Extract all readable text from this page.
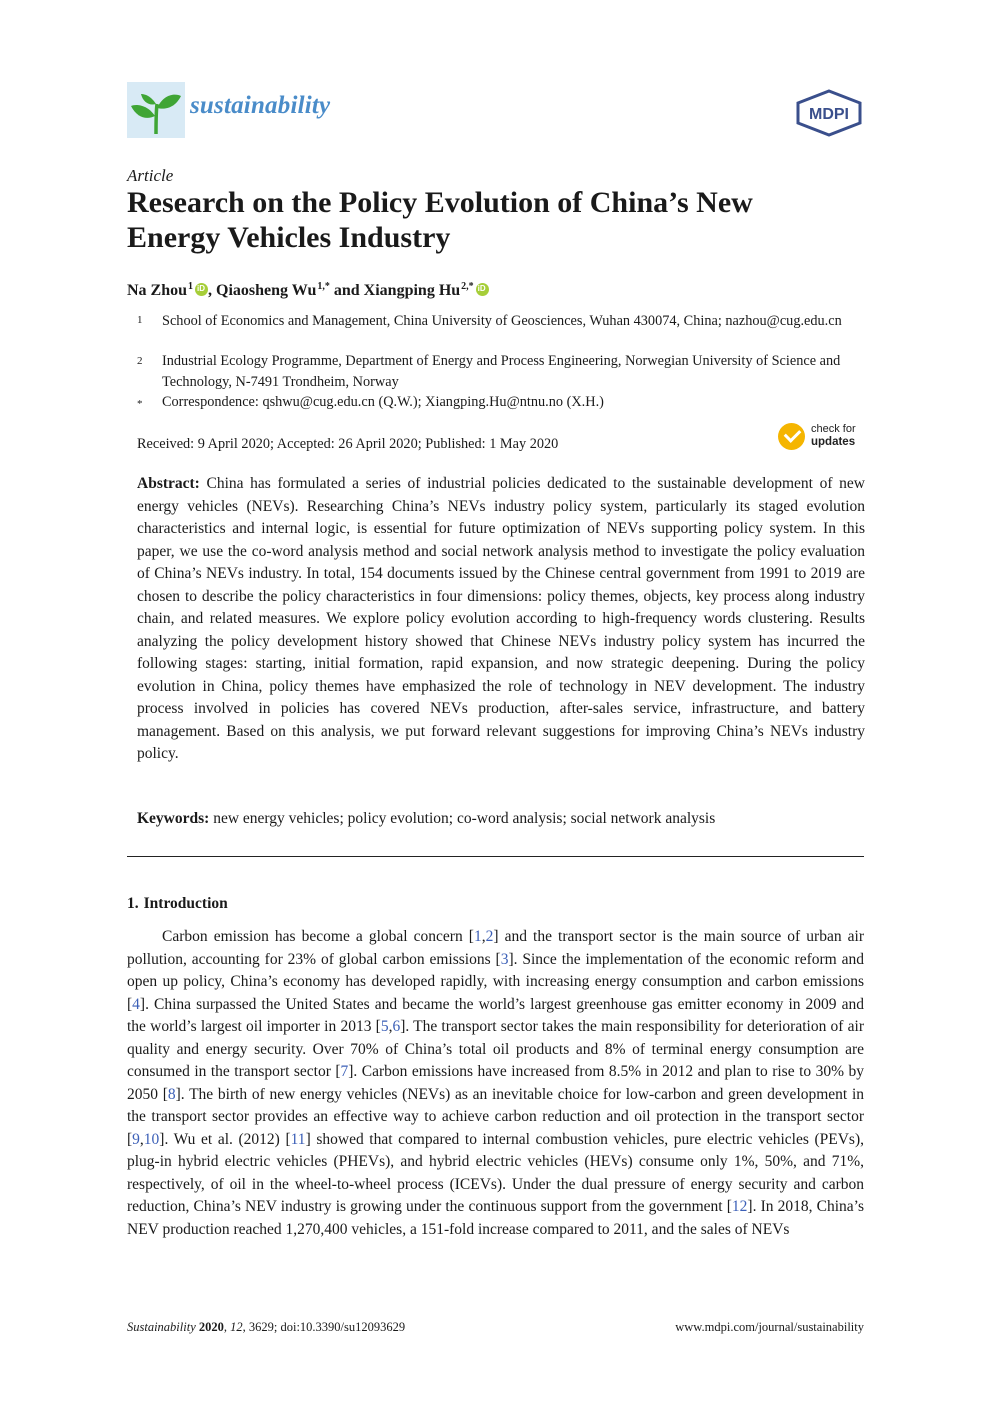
sustainability	MDPI
Article
Research on the Policy Evolution of China’s New Energy Vehicles Industry
Na Zhou$^1$iD , Qiaosheng $Wu^{1,*}$ and Xiangping $Hu^{2,*}iD$
1 School of Economics and Management, China University of Geosciences, Wuhan 430074, China; nazhou@cug.edu.cn
2 Industrial Ecology Programme, Department of Energy and Process Engineering, Norwegian University of Science and Technology, N-7491 Trondheim, Norway
* Correspondence: qshwu@cug.edu.cn (Q.W.); Xiangping.Hu@ntnu.no (X.H.)
Received: 9 April 2020; Accepted: 26 April 2020; Published: 1 May 2020
check for
updates
Abstract: China has formulated a series of industrial policies dedicated to the sustainable development of new energy vehicles (NEVs). Researching China’s NEVs industry policy system, particularly its staged evolution characteristics and internal logic, is essential for future optimization of NEVs supporting policy system. In this paper, we use the co-word analysis method and social network analysis method to investigate the policy evaluation of China’s NEVs industry. In total, 154 documents issued by the Chinese central government from 1991 to 2019 are chosen to describe the policy characteristics in four dimensions: policy themes, objects, key process along industry chain, and related measures. We explore policy evolution according to high-frequency words clustering. Results analyzing the policy development history showed that Chinese NEVs industry policy system has incurred the following stages: starting, initial formation, rapid expansion, and now strategic deepening. During the policy evolution in China, policy themes have emphasized the role of technology in NEV development. The industry process involved in policies has covered NEVs production, after-sales service, infrastructure, and battery management. Based on this analysis, we put forward relevant suggestions for improving China’s NEVs industry policy.
Keywords: new energy vehicles; policy evolution; co-word analysis; social network analysis
1. Introduction
Carbon emission has become a global concern [1,2] and the transport sector is the main source of urban air pollution, accounting for 23% of global carbon emissions [3]. Since the implementation of the economic reform and open up policy, China’s economy has developed rapidly, with increasing energy consumption and carbon emissions [4]. China surpassed the United States and became the world’s largest greenhouse gas emitter economy in 2009 and the world’s largest oil importer in 2013 [5,6]. The transport sector takes the main responsibility for deterioration of air quality and energy security. Over 70% of China’s total oil products and 8% of terminal energy consumption are consumed in the transport sector [7]. Carbon emissions have increased from 8.5% in 2012 and plan to rise to 30% by 2050 [8]. The birth of new energy vehicles (NEVs) as an inevitable choice for low-carbon and green development in the transport sector provides an effective way to achieve carbon reduction and oil protection in the transport sector [9,10]. Wu et al. (2012) [11] showed that compared to internal combustion vehicles, pure electric vehicles (PEVs), plug-in hybrid electric vehicles (PHEVs), and hybrid electric vehicles (HEVs) consume only 1%, 50%, and 71%, respectively, of oil in the wheel-to-wheel process (ICEVs). Under the dual pressure of energy security and carbon reduction, China’s NEV industry is growing under the continuous support from the government [12]. In 2018, China’s NEV production reached 1,270,400 vehicles, a 151-fold increase compared to 2011, and the sales of NEVs
Sustainability 2020, 12, 3629; doi:10.3390/su12093629	www.mdpi.com/journal/sustainability
